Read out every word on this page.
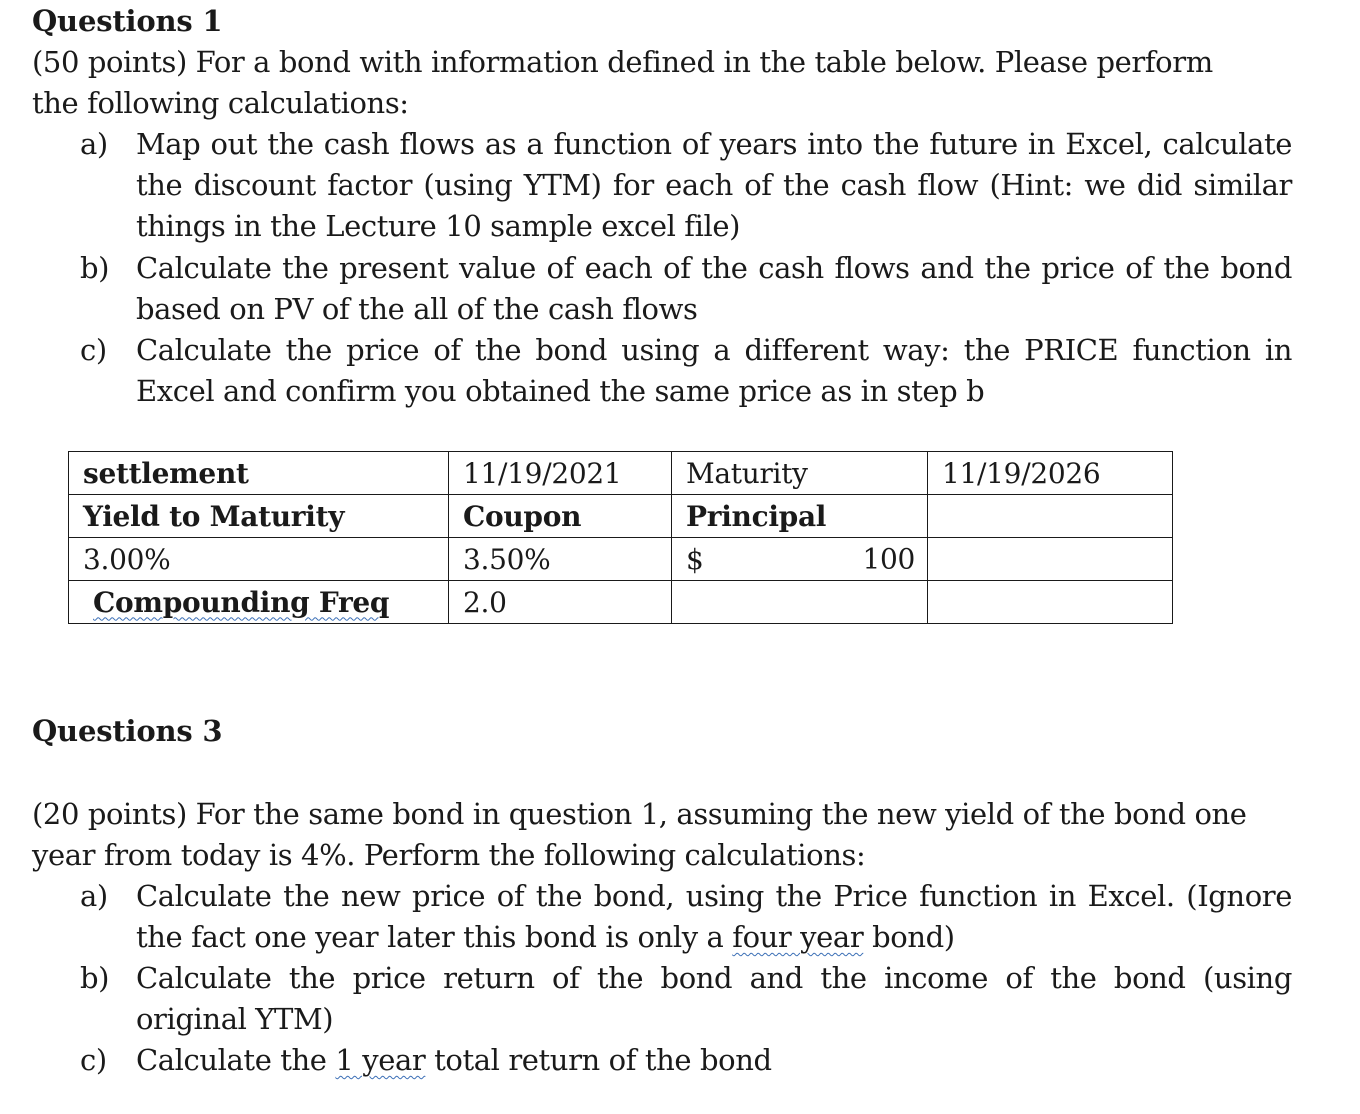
Questions 1
(50 points) For a bond with information defined in the table below. Please perform
the following calculations:
a) Map out the cash flows as a function of years into the future in Excel, calculate
the discount factor (using YTM) for each of the cash flow (Hint: we did similar
things in the Lecture 10 sample excel file)
b) Calculate the present value of each of the cash flows and the price of the bond
based on PV of the all of the cash flows
c)	Calculate the price of the bond using a different way: the PRICE function in
Excel and confirm you obtained the same price as in step b
settlement	11/19/2021	Maturity	11/19/2026
Yield to Maturity	Coupon	Principal	
3.00%	3.50%	$ 100	

Compounding Freq	2.0		
Questions 3
(20 points) For the same bond in question 1, assuming the new yield of the bond one
year from today is 4%. Perform the following calculations:
a) Calculate the new price of the bond, using the Price function in Excel. (Ignore
the fact one year later this bond is only a four year bond)
b) Calculate the price return of the bond and the income of the bond (using
original YTM)
c)	Calculate the 1 year total return of the bond
